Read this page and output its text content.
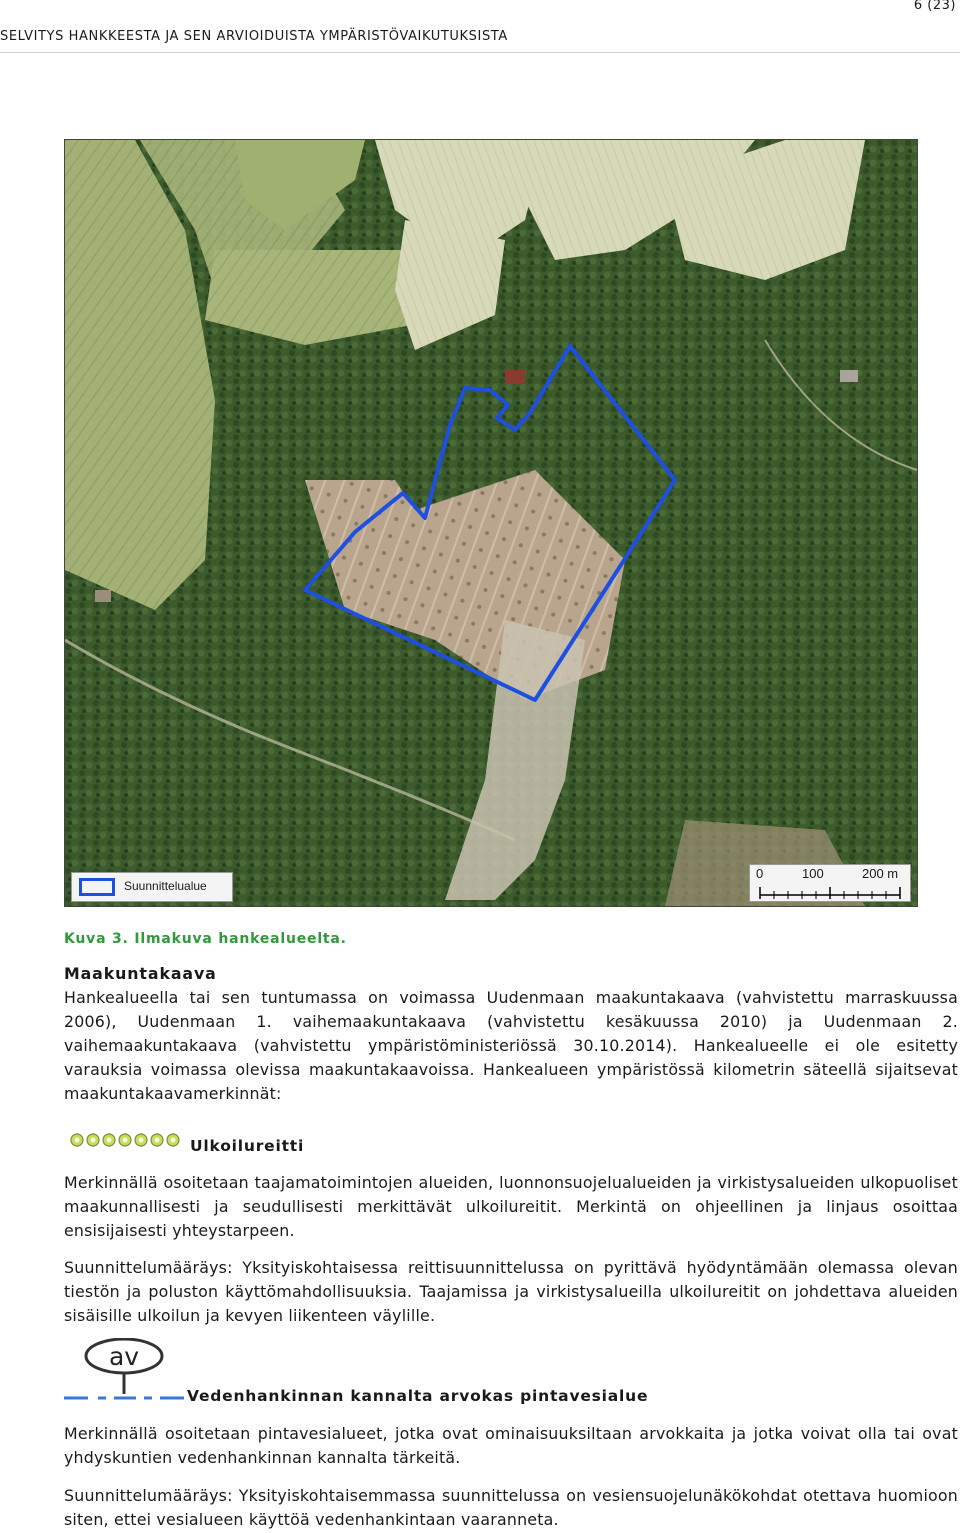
6 (23)
SELVITYS HANKKEESTA JA SEN ARVIOIDUISTA YMPÄRISTÖVAIKUTUKSISTA
Suunnittelualue
0	100	200 m
Kuva 3. Ilmakuva hankealueelta.
Maakuntakaava
Hankealueella tai sen tuntumassa on voimassa Uudenmaan maakuntakaava (vahvistettu marraskuussa 2006), Uudenmaan 1. vaihemaakuntakaava (vahvistettu kesäkuussa 2010) ja Uudenmaan 2. vaihemaakuntakaava (vahvistettu ympäristöministeriössä 30.10.2014). Hankealueelle ei ole esitetty varauksia voimassa olevissa maakuntakaavoissa. Hankealueen ympäristössä kilometrin säteellä sijaitsevat maakuntakaavamerkinnät:
Ulkoilureitti
Merkinnällä osoitetaan taajamatoimintojen alueiden, luonnonsuojelualueiden ja virkistysalueiden ulkopuoliset maakunnallisesti ja seudullisesti merkittävät ulkoilureitit. Merkintä on ohjeellinen ja linjaus osoittaa ensisijaisesti yhteystarpeen.
Suunnittelumääräys: Yksityiskohtaisessa reittisuunnittelussa on pyrittävä hyödyntämään olemassa olevan tiestön ja poluston käyttömahdollisuuksia. Taajamissa ja virkistysalueilla ulkoilureitit on johdettava alueiden sisäisille ulkoilun ja kevyen liikenteen väylille.
av
Vedenhankinnan kannalta arvokas pintavesialue
Merkinnällä osoitetaan pintavesialueet, jotka ovat ominaisuuksiltaan arvokkaita ja jotka voivat olla tai ovat yhdyskuntien vedenhankinnan kannalta tärkeitä.
Suunnittelumääräys: Yksityiskohtaisemmassa suunnittelussa on vesiensuojelunäkökohdat otettava huomioon siten, ettei vesialueen käyttöä vedenhankintaan vaaranneta.
